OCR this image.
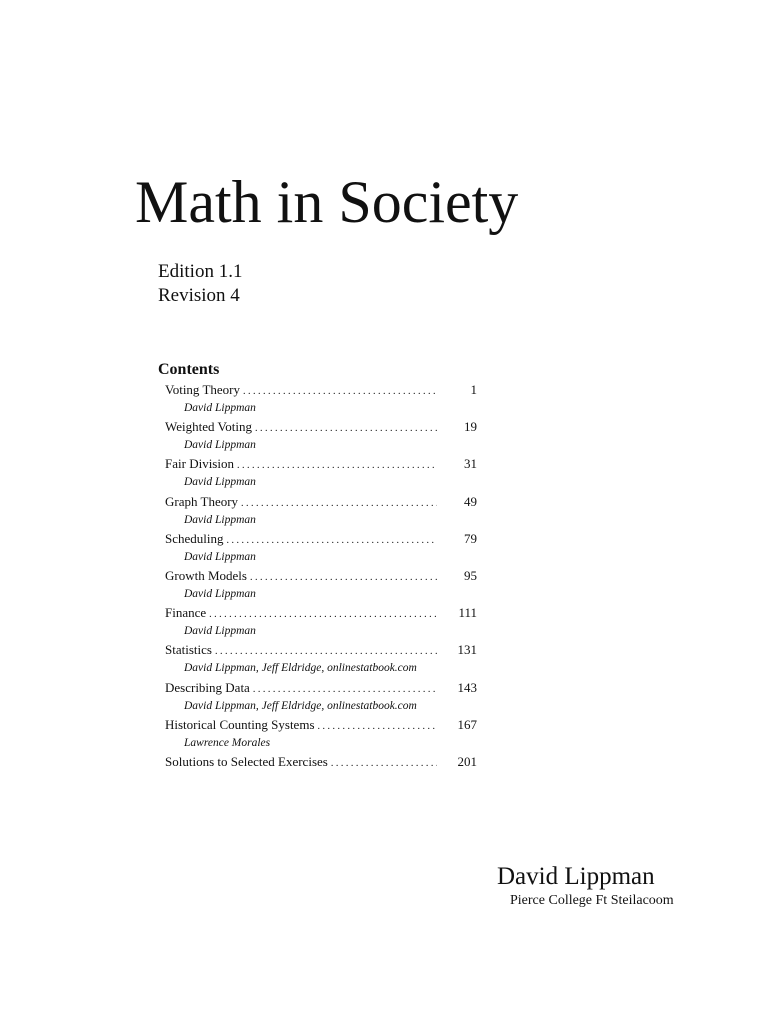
Math in Society
Edition 1.1
Revision 4
Contents
Voting Theory . . .	1
David Lippman
Weighted Voting . . .	19
David Lippman
Fair Division . . .	31
David Lippman
Graph Theory . . .	49
David Lippman
Scheduling . . .	79
David Lippman
Growth Models . . .	95
David Lippman
Finance . . .	111
David Lippman
Statistics . . .	131
David Lippman, Jeff Eldridge, onlinestatbook.com
Describing Data . . .	143
David Lippman, Jeff Eldridge, onlinestatbook.com
Historical Counting Systems . . .	167
Lawrence Morales
Solutions to Selected Exercises . . .	201
David Lippman
Pierce College Ft Steilacoom
